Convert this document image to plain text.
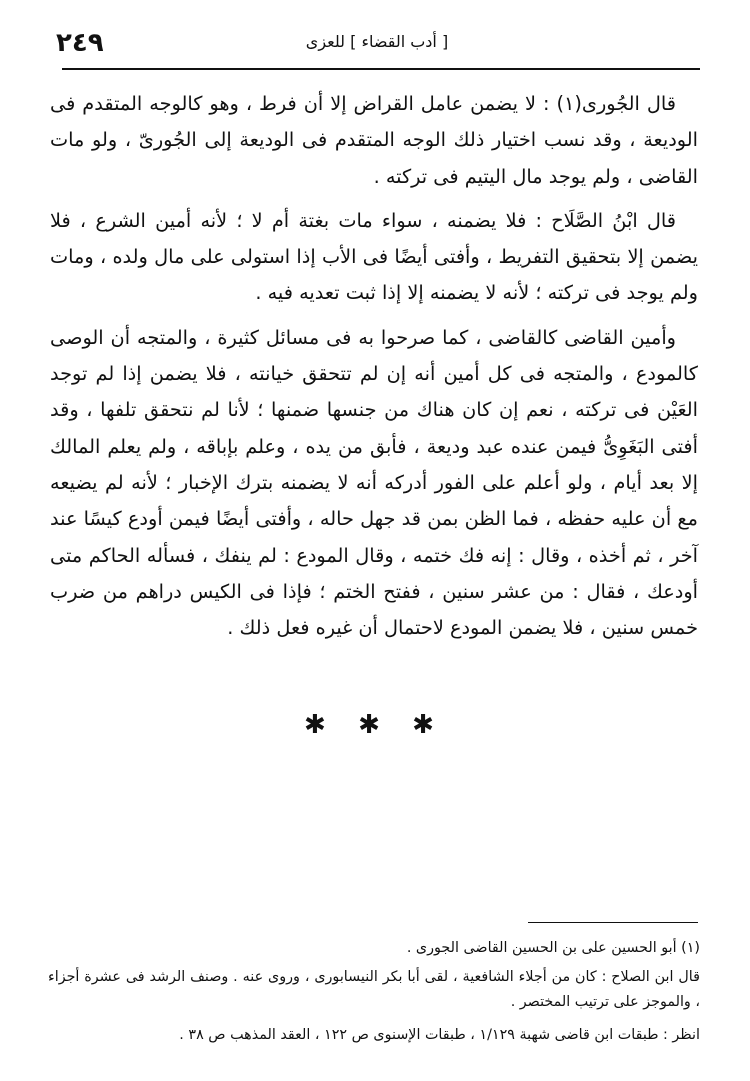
٢٤٩	[ أدب القضاء ] للعزى

قال الجُورى(١) : لا يضمن عامل القراض إلا أن فرط ، وهو كالوجه المتقدم فى الوديعة ، وقد نسب اختيار ذلك الوجه المتقدم فى الوديعة إلى الجُورىّ ، ولو مات القاضى ، ولم يوجد مال اليتيم فى تركته .

قال ابْنُ الصَّلَاح : فلا يضمنه ، سواء مات بغتة أم لا ؛ لأنه أمين الشرع ، فلا يضمن إلا بتحقيق التفريط ، وأفتى أيضًا فى الأب إذا استولى على مال ولده ، ومات ولم يوجد فى تركته ؛ لأنه لا يضمنه إلا إذا ثبت تعديه فيه .

وأمين القاضى كالقاضى ، كما صرحوا به فى مسائل كثيرة ، والمتجه أن الوصى كالمودع ، والمتجه فى كل أمين أنه إن لم تتحقق خيانته ، فلا يضمن إذا لم توجد العَيْن فى تركته ، نعم إن كان هناك من جنسها ضمنها ؛ لأنا لم نتحقق تلفها ، وقد أفتى البَغَوِىُّ فيمن عنده عبد وديعة ، فأبق من يده ، وعلم بإباقه ، ولم يعلم المالك إلا بعد أيام ، ولو أعلم على الفور أدركه أنه لا يضمنه بترك الإخبار ؛ لأنه لم يضيعه مع أن عليه حفظه ، فما الظن بمن قد جهل حاله ، وأفتى أيضًا فيمن أودع كيسًا عند آخر ، ثم أخذه ، وقال : إنه فك ختمه ، وقال المودع : لم ينفك ، فسأله الحاكم متى أودعك ، فقال : من عشر سنين ، ففتح الختم ؛ فإذا فى الكيس دراهم من ضرب خمس سنين ، فلا يضمن المودع لاحتمال أن غيره فعل ذلك .

✱ ✱ ✱

(١) أبو الحسين على بن الحسين القاضى الجورى .

قال ابن الصلاح : كان من أجلاء الشافعية ، لقى أبا بكر النيسابورى ، وروى عنه . وصنف الرشد فى عشرة أجزاء ، والموجز على ترتيب المختصر .

انظر : طبقات ابن قاضى شهبة ١/١٢٩ ، طبقات الإسنوى ص ١٢٢ ، العقد المذهب ص ٣٨ .
